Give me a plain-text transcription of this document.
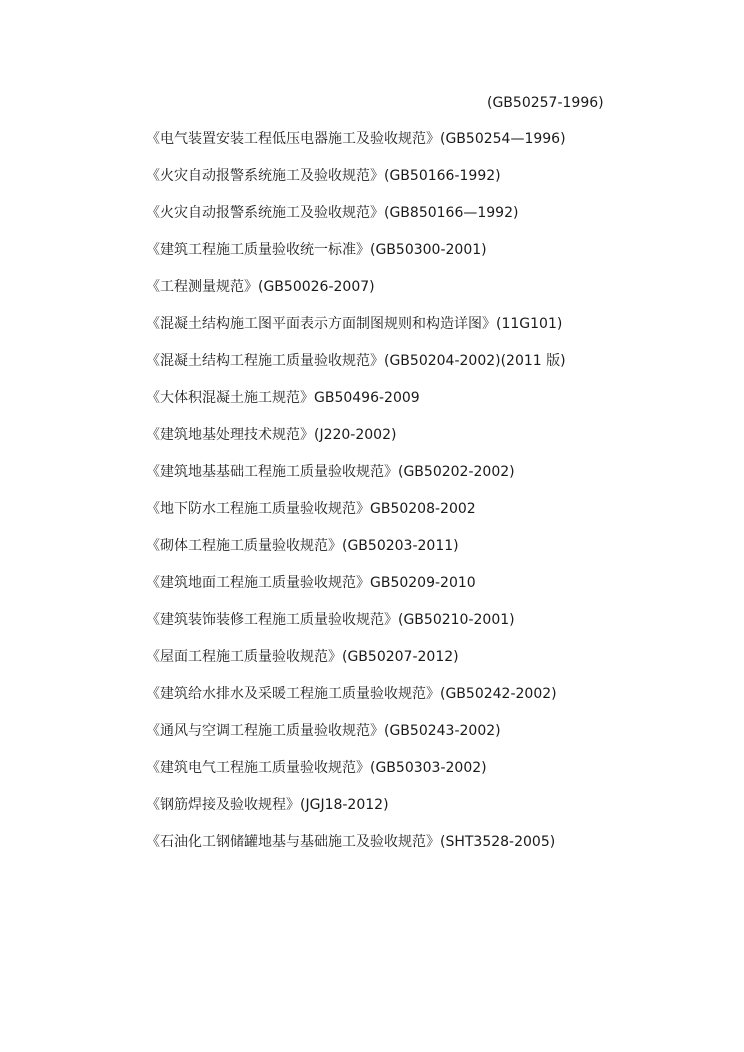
(GB50257-1996)
《电气装置安装工程低压电器施工及验收规范》(GB50254—1996)
《火灾自动报警系统施工及验收规范》(GB50166-1992)
《火灾自动报警系统施工及验收规范》(GB850166—1992)
《建筑工程施工质量验收统一标准》(GB50300-2001)
《工程测量规范》(GB50026-2007)
《混凝土结构施工图平面表示方面制图规则和构造详图》(11G101)
《混凝土结构工程施工质量验收规范》(GB50204-2002)(2011 版)
《大体积混凝土施工规范》GB50496-2009
《建筑地基处理技术规范》(J220-2002)
《建筑地基基础工程施工质量验收规范》(GB50202-2002)
《地下防水工程施工质量验收规范》GB50208-2002
《砌体工程施工质量验收规范》(GB50203-2011)
《建筑地面工程施工质量验收规范》GB50209-2010
《建筑装饰装修工程施工质量验收规范》(GB50210-2001)
《屋面工程施工质量验收规范》(GB50207-2012)
《建筑给水排水及采暖工程施工质量验收规范》(GB50242-2002)
《通风与空调工程施工质量验收规范》(GB50243-2002)
《建筑电气工程施工质量验收规范》(GB50303-2002)
《钢筋焊接及验收规程》(JGJ18-2012)
《石油化工钢储罐地基与基础施工及验收规范》(SHT3528-2005)
